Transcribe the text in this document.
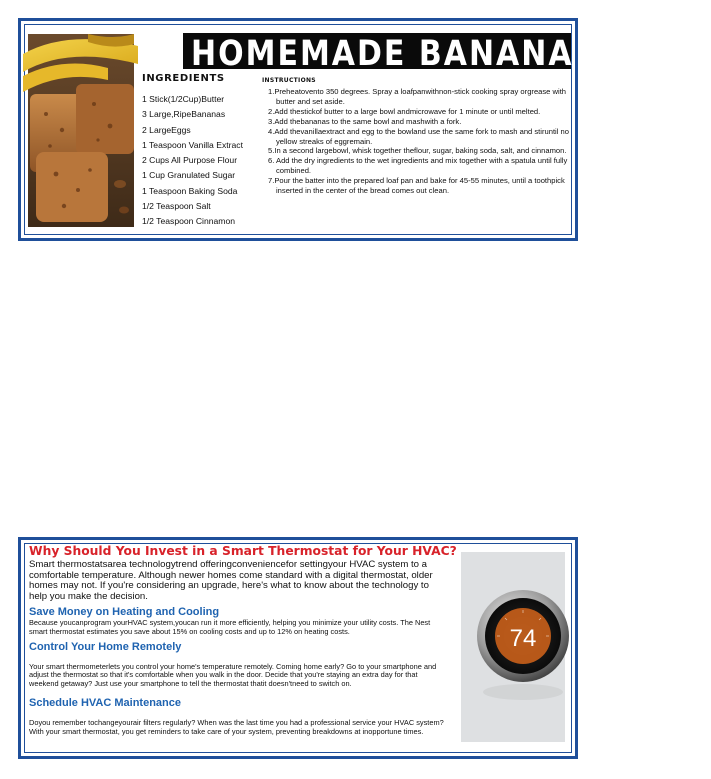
HOMEMADE BANANA BREAD
INGREDIENTS
1 Stick(1/2Cup)Butter
3 Large,RipeBananas
2 LargeEggs
1 Teaspoon Vanilla Extract
2 Cups All Purpose Flour
1 Cup Granulated Sugar
1 Teaspoon Baking Soda
1/2 Teaspoon Salt
1/2 Teaspoon Cinnamon
INSTRUCTIONS
1.Preheatovento 350 degrees. Spray a loafpanwithnon-stick cooking spray orgrease with butter and set aside.
2.Add thestickof butter to a large bowl andmicrowave for 1 minute or until melted.
3.Add thebananas to the same bowl and mashwith a fork.
4.Add thevanillaextract and egg to the bowland use the same fork to mash and stiruntil no yellow streaks of eggremain.
5.In a second largebowl, whisk together theflour, sugar, baking soda, salt, and cinnamon.
6. Add the dry ingredients to the wet ingredients and mix together with a spatula until fully combined.
7.Pour the batter into the prepared loaf pan and bake for 45-55 minutes, until a toothpick inserted in the center of the bread comes out clean.
Why Should You Invest in a Smart Thermostat for Your HVAC?

Smart thermostatsarea technologytrend offeringconveniencefor settingyour HVAC system to a comfortable temperature. Although newer homes come standard with a digital thermostat, older homes may not. If you're considering an upgrade, here's what to know about the technology to help you make the decision.

Save Money on Heating and Cooling

Because youcanprogram yourHVAC system,youcan run it more efficiently, helping you minimize your utility costs. The Nest smart thermostat estimates you save about 15% on cooling costs and up to 12% on heating costs.

Control Your Home Remotely

Your smart thermometerlets you control your home's temperature remotely. Coming home early? Go to your smartphone and adjust the thermostat so that it's comfortable when you walk in the door. Decide that you're staying an extra day for that weekend getaway? Just use your smartphone to tell the thermostat thatit doesn'tneed to switch on.

Schedule HVAC Maintenance

Doyou remember tochangeyourair filters regularly? When was the last time you had a professional service your HVAC system? With your smart thermostat, you get reminders to take care of your system, preventing breakdowns at inopportune times.

74
